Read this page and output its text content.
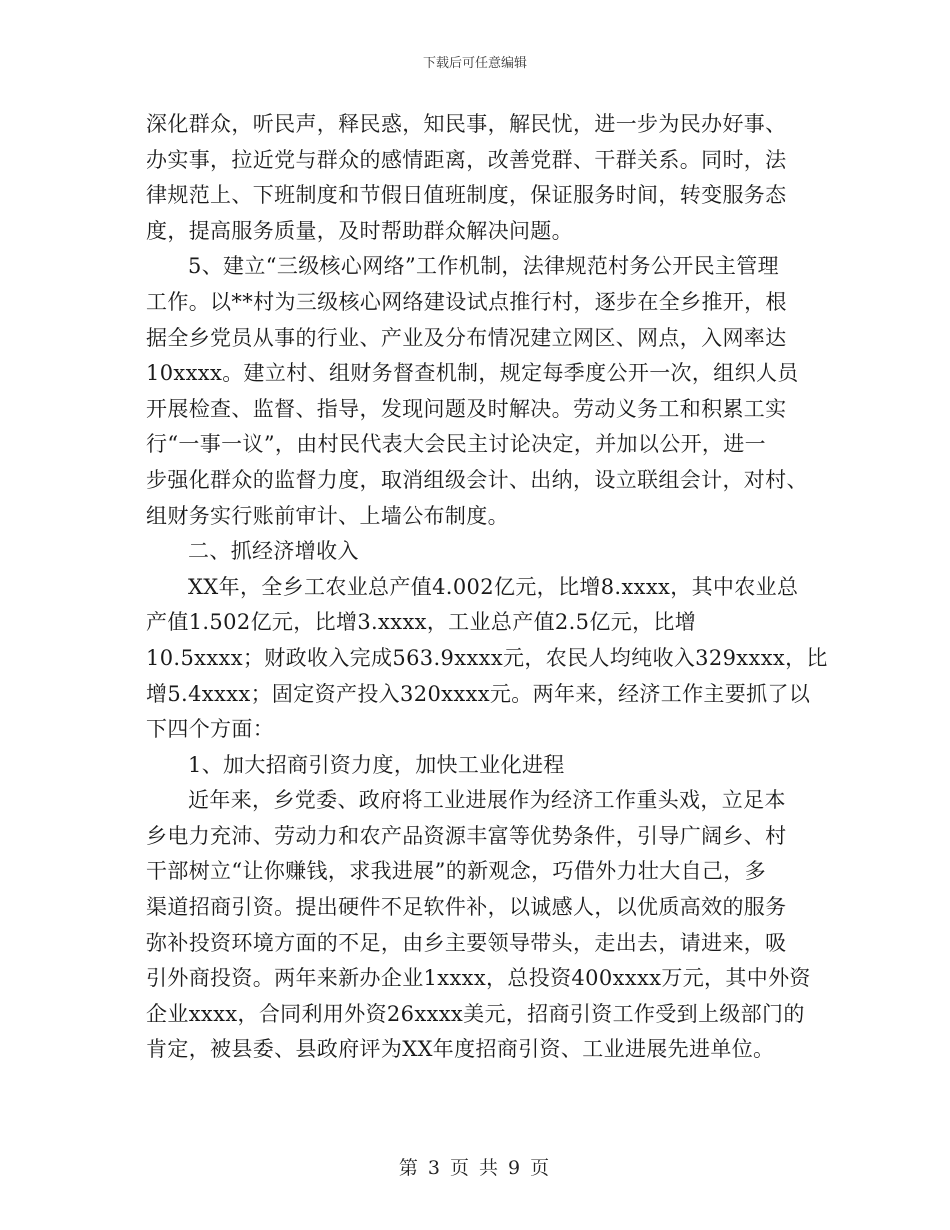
下载后可任意编辑
深化群众，听民声，释民惑，知民事，解民忧，进一步为民办好事、
办实事，拉近党与群众的感情距离，改善党群、干群关系。同时，法
律规范上、下班制度和节假日值班制度，保证服务时间，转变服务态
度，提高服务质量，及时帮助群众解决问题。
5、建立“三级核心网络”工作机制，法律规范村务公开民主管理
工作。以**村为三级核心网络建设试点推行村，逐步在全乡推开，根
据全乡党员从事的行业、产业及分布情况建立网区、网点，入网率达
10xxxx。建立村、组财务督查机制，规定每季度公开一次，组织人员
开展检查、监督、指导，发现问题及时解决。劳动义务工和积累工实
行“一事一议”，由村民代表大会民主讨论决定，并加以公开，进一
步强化群众的监督力度，取消组级会计、出纳，设立联组会计，对村、
组财务实行账前审计、上墙公布制度。
二、抓经济增收入
XX年，全乡工农业总产值4.002亿元，比增8.xxxx，其中农业总
产值1.502亿元，比增3.xxxx，工业总产值2.5亿元，比增
10.5xxxx；财政收入完成563.9xxxx元，农民人均纯收入329xxxx，比
增5.4xxxx；固定资产投入320xxxx元。两年来，经济工作主要抓了以
下四个方面：
1、加大招商引资力度，加快工业化进程
近年来，乡党委、政府将工业进展作为经济工作重头戏，立足本
乡电力充沛、劳动力和农产品资源丰富等优势条件，引导广阔乡、村
干部树立“让你赚钱，求我进展”的新观念，巧借外力壮大自己，多
渠道招商引资。提出硬件不足软件补，以诚感人，以优质高效的服务
弥补投资环境方面的不足，由乡主要领导带头，走出去，请进来，吸
引外商投资。两年来新办企业1xxxx，总投资400xxxx万元，其中外资
企业xxxx，合同利用外资26xxxx美元，招商引资工作受到上级部门的
肯定，被县委、县政府评为XX年度招商引资、工业进展先进单位。
第 3 页 共 9 页
